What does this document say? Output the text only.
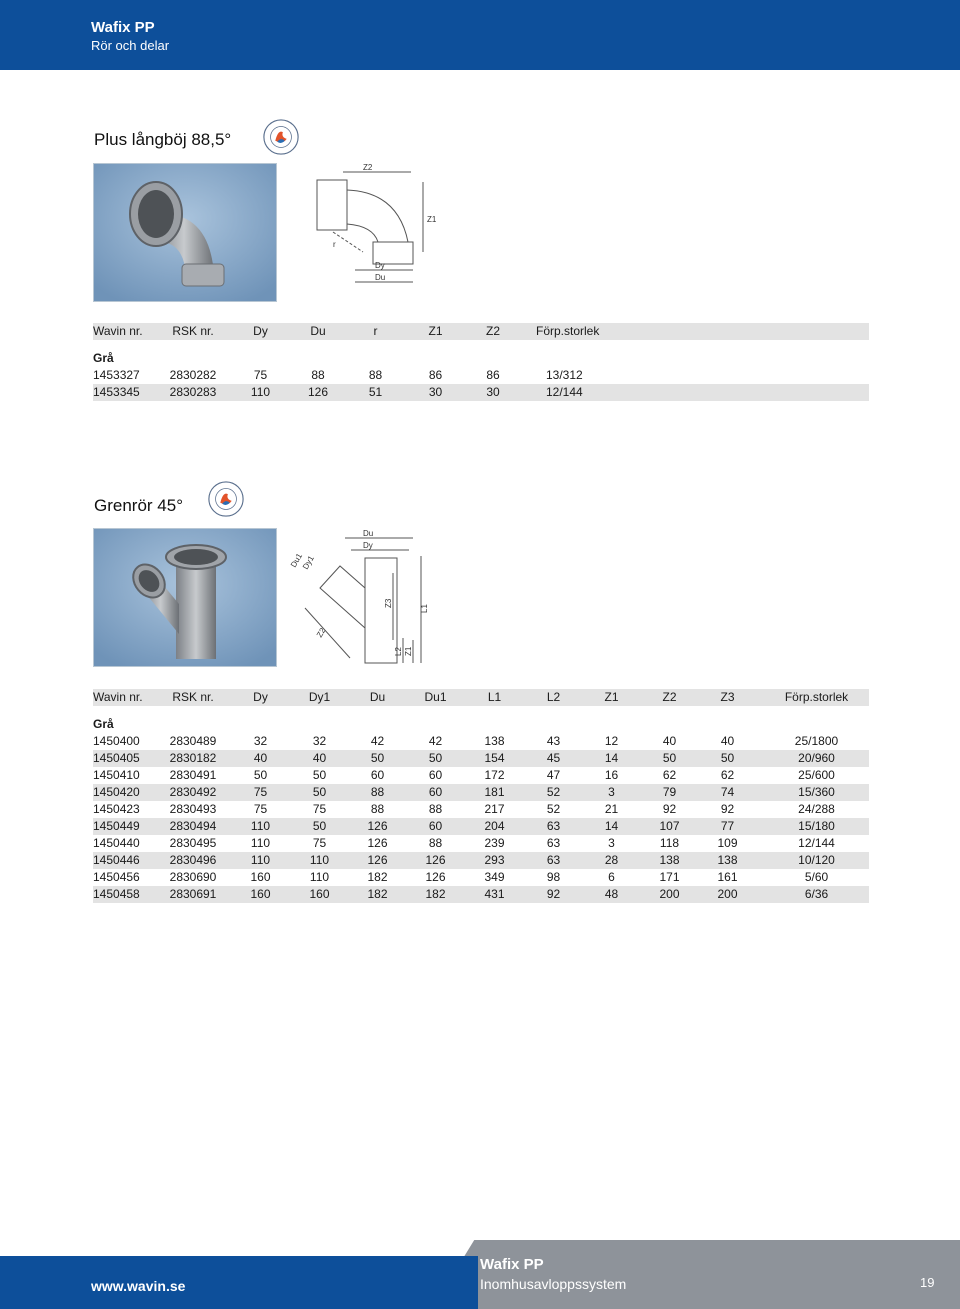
Wafix PP
Rör och delar
Plus långböj 88,5°
Z2
Z1
r
Dy
Du
Wavin nr.	RSK nr.	Dy	Du	r	Z1	Z2	Förp.storlek

Grå							
1453327	2830282	75	88	88	86	86	13/312
1453345	2830283	110	126	51	30	30	12/144
Grenrör 45°
Du
Dy
Du1
Dy1
Z3
L1
Z2
L2 Z1
Wavin nr.	RSK nr.	Dy	Dy1	Du	Du1	L1	L2	Z1	Z2	Z3	Förp.storlek

Grå											
1450400	2830489	32	32	42	42	138	43	12	40	40	25/1800
1450405	2830182	40	40	50	50	154	45	14	50	50	20/960
1450410	2830491	50	50	60	60	172	47	16	62	62	25/600
1450420	2830492	75	50	88	60	181	52	3	79	74	15/360
1450423	2830493	75	75	88	88	217	52	21	92	92	24/288
1450449	2830494	110	50	126	60	204	63	14	107	77	15/180
1450440	2830495	110	75	126	88	239	63	3	118	109	12/144
1450446	2830496	110	110	126	126	293	63	28	138	138	10/120
1450456	2830690	160	110	182	126	349	98	6	171	161	5/60
1450458	2830691	160	160	182	182	431	92	48	200	200	6/36
www.wavin.se
Wafix PP
Inomhusavloppssystem	19
